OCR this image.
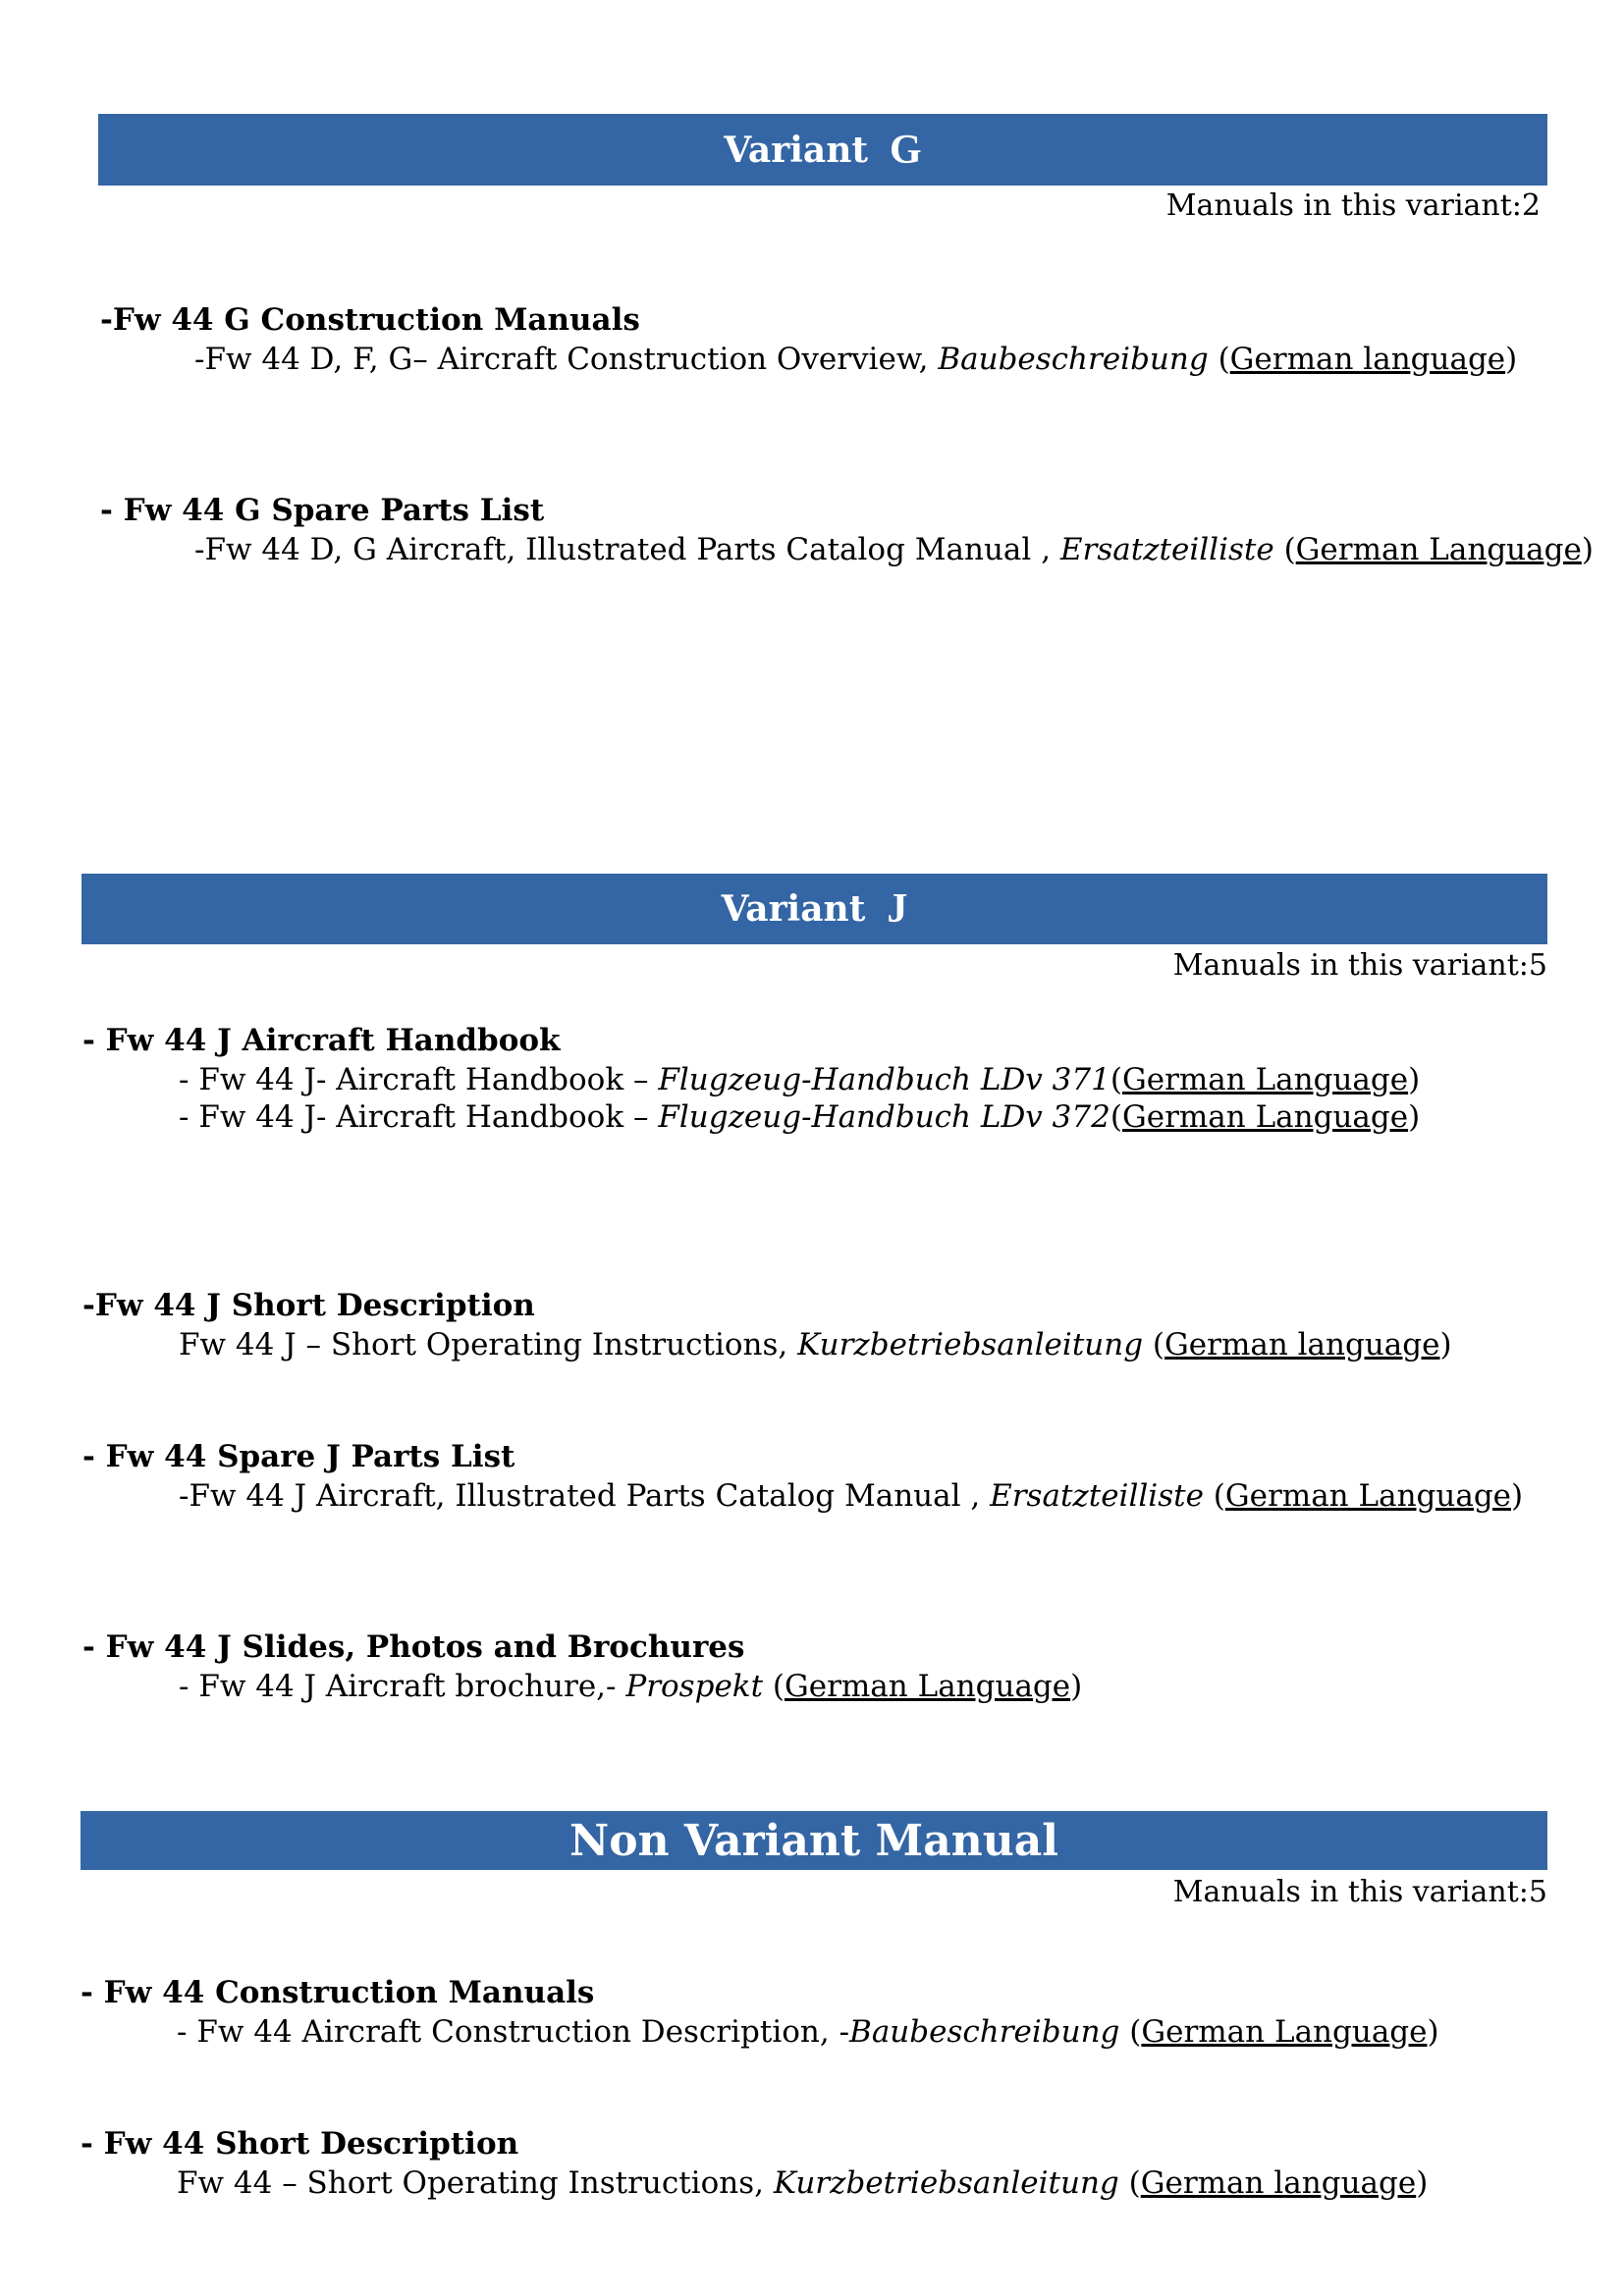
Variant G
Manuals in this variant:2
-Fw 44 G Construction Manuals
-Fw 44 D, F, G– Aircraft Construction Overview, Baubeschreibung (German language)
- Fw 44 G Spare Parts List
-Fw 44 D, G Aircraft, Illustrated Parts Catalog Manual , Ersatzteilliste (German Language)
Variant J
Manuals in this variant:5
- Fw 44 J Aircraft Handbook
- Fw 44 J- Aircraft Handbook – Flugzeug-Handbuch LDv 371(German Language)
- Fw 44 J- Aircraft Handbook – Flugzeug-Handbuch LDv 372(German Language)
-Fw 44 J Short Description
Fw 44 J – Short Operating Instructions, Kurzbetriebsanleitung (German language)
- Fw 44 Spare J Parts List
-Fw 44 J Aircraft, Illustrated Parts Catalog Manual , Ersatzteilliste (German Language)
- Fw 44 J Slides, Photos and Brochures
- Fw 44 J Aircraft brochure,- Prospekt (German Language)
Non Variant Manual
Manuals in this variant:5
- Fw 44 Construction Manuals
- Fw 44 Aircraft Construction Description, -Baubeschreibung (German Language)
- Fw 44 Short Description
Fw 44 – Short Operating Instructions, Kurzbetriebsanleitung (German language)
